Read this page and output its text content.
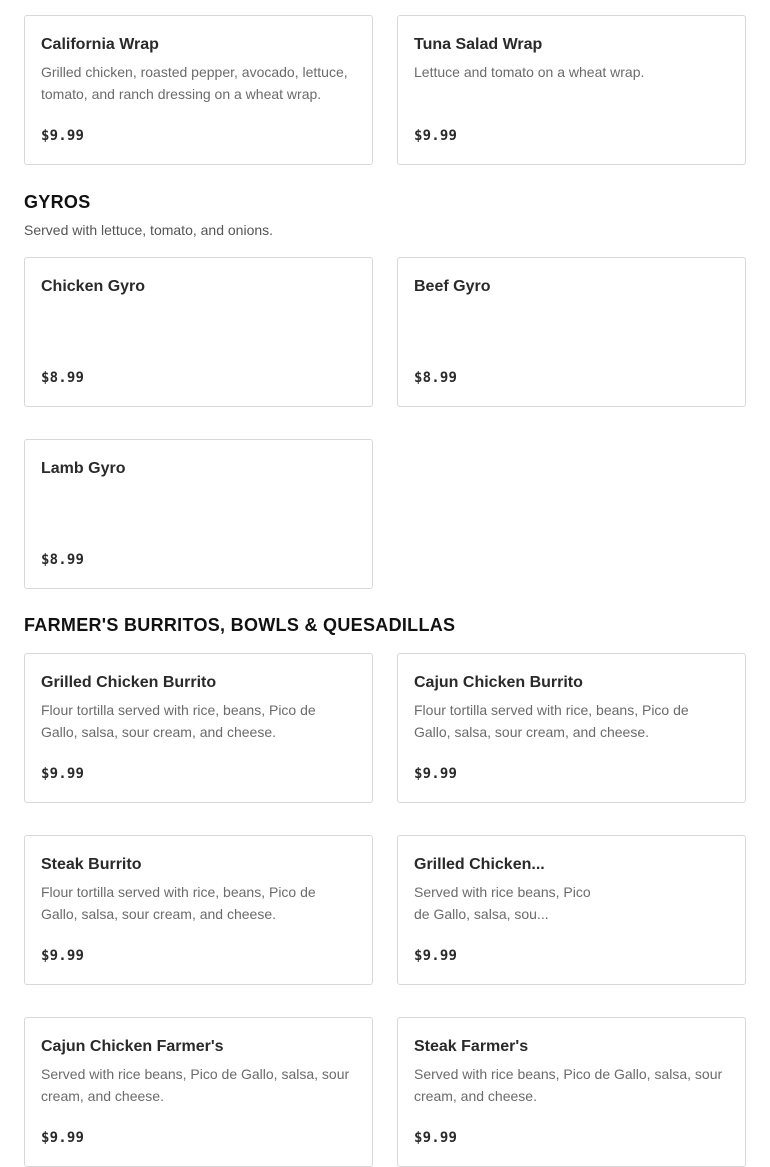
California Wrap
Grilled chicken, roasted pepper, avocado, lettuce, tomato, and ranch dressing on a wheat wrap.
$9.99
Tuna Salad Wrap
Lettuce and tomato on a wheat wrap.
$9.99
GYROS
Served with lettuce, tomato, and onions.
Chicken Gyro
$8.99
Beef Gyro
$8.99
Lamb Gyro
$8.99
FARMER'S BURRITOS, BOWLS & QUESADILLAS
Grilled Chicken Burrito
Flour tortilla served with rice, beans, Pico de Gallo, salsa, sour cream, and cheese.
$9.99
Cajun Chicken Burrito
Flour tortilla served with rice, beans, Pico de Gallo, salsa, sour cream, and cheese.
$9.99
Steak Burrito
Flour tortilla served with rice, beans, Pico de Gallo, salsa, sour cream, and cheese.
$9.99
Grilled Chicken...
Served with rice beans, Pico de Gallo, salsa, sou...
$9.99
Cajun Chicken Farmer's
Served with rice beans, Pico de Gallo, salsa, sour cream, and cheese.
$9.99
Steak Farmer's
Served with rice beans, Pico de Gallo, salsa, sour cream, and cheese.
$9.99
